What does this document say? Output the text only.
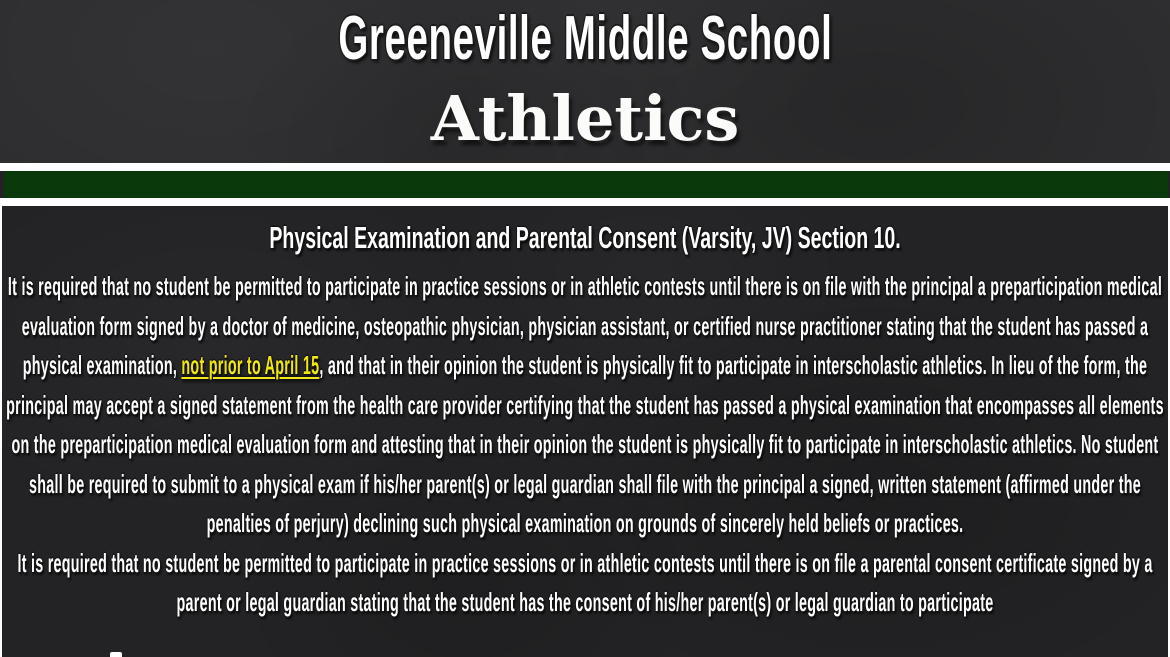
Greeneville Middle School
Athletics
Physical Examination and Parental Consent (Varsity, JV) Section 10.

It is required that no student be permitted to participate in practice sessions or in athletic contests until there is on file with the principal a preparticipation medical evaluation form signed by a doctor of medicine, osteopathic physician, physician assistant, or certified nurse practitioner stating that the student has passed a physical examination, not prior to April 15, and that in their opinion the student is physically fit to participate in interscholastic athletics. In lieu of the form, the principal may accept a signed statement from the health care provider certifying that the student has passed a physical examination that encompasses all elements on the preparticipation medical evaluation form and attesting that in their opinion the student is physically fit to participate in interscholastic athletics. No student shall be required to submit to a physical exam if his/her parent(s) or legal guardian shall file with the principal a signed, written statement (affirmed under the penalties of perjury) declining such physical examination on grounds of sincerely held beliefs or practices.

It is required that no student be permitted to participate in practice sessions or in athletic contests until there is on file a parental consent certificate signed by a parent or legal guardian stating that the student has the consent of his/her parent(s) or legal guardian to participate
